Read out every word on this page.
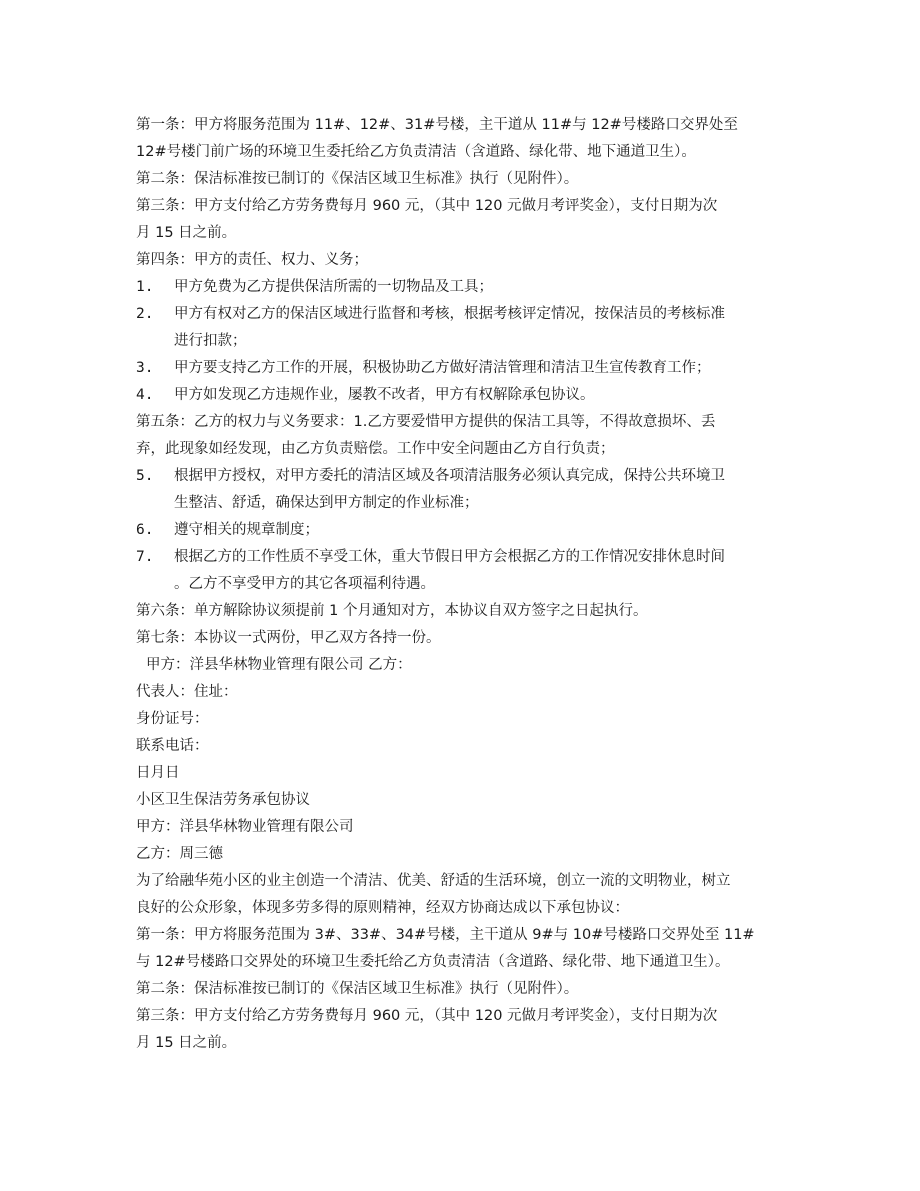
第一条：甲方将服务范围为 11#、12#、31#号楼，主干道从 11#与 12#号楼路口交界处至
12#号楼门前广场的环境卫生委托给乙方负责清洁（含道路、绿化带、地下通道卫生）。
第二条：保洁标准按已制订的《保洁区域卫生标准》执行（见附件）。
第三条：甲方支付给乙方劳务费每月 960 元，（其中 120 元做月考评奖金），支付日期为次
月 15 日之前。
第四条：甲方的责任、权力、义务；
1. 甲方免费为乙方提供保洁所需的一切物品及工具；
2. 甲方有权对乙方的保洁区域进行监督和考核，根据考核评定情况，按保洁员的考核标准
进行扣款；
3. 甲方要支持乙方工作的开展，积极协助乙方做好清洁管理和清洁卫生宣传教育工作；
4. 甲方如发现乙方违规作业，屡教不改者，甲方有权解除承包协议。
第五条：乙方的权力与义务要求：1.乙方要爱惜甲方提供的保洁工具等，不得故意损坏、丢
弃，此现象如经发现，由乙方负责赔偿。工作中安全问题由乙方自行负责；
5. 根据甲方授权，对甲方委托的清洁区域及各项清洁服务必须认真完成，保持公共环境卫
生整洁、舒适，确保达到甲方制定的作业标准；
6. 遵守相关的规章制度；
7. 根据乙方的工作性质不享受工休，重大节假日甲方会根据乙方的工作情况安排休息时间
。乙方不享受甲方的其它各项福利待遇。
第六条：单方解除协议须提前 1 个月通知对方，本协议自双方签字之日起执行。
第七条：本协议一式两份，甲乙双方各持一份。
甲方：洋县华林物业管理有限公司 乙方：
代表人：住址：
身份证号：
联系电话：
日月日
小区卫生保洁劳务承包协议
甲方：洋县华林物业管理有限公司
乙方：周三德
为了给融华苑小区的业主创造一个清洁、优美、舒适的生活环境，创立一流的文明物业，树立
良好的公众形象，体现多劳多得的原则精神，经双方协商达成以下承包协议：
第一条：甲方将服务范围为 3#、33#、34#号楼，主干道从 9#与 10#号楼路口交界处至 11#
与 12#号楼路口交界处的环境卫生委托给乙方负责清洁（含道路、绿化带、地下通道卫生）。
第二条：保洁标准按已制订的《保洁区域卫生标准》执行（见附件）。
第三条：甲方支付给乙方劳务费每月 960 元，（其中 120 元做月考评奖金），支付日期为次
月 15 日之前。
